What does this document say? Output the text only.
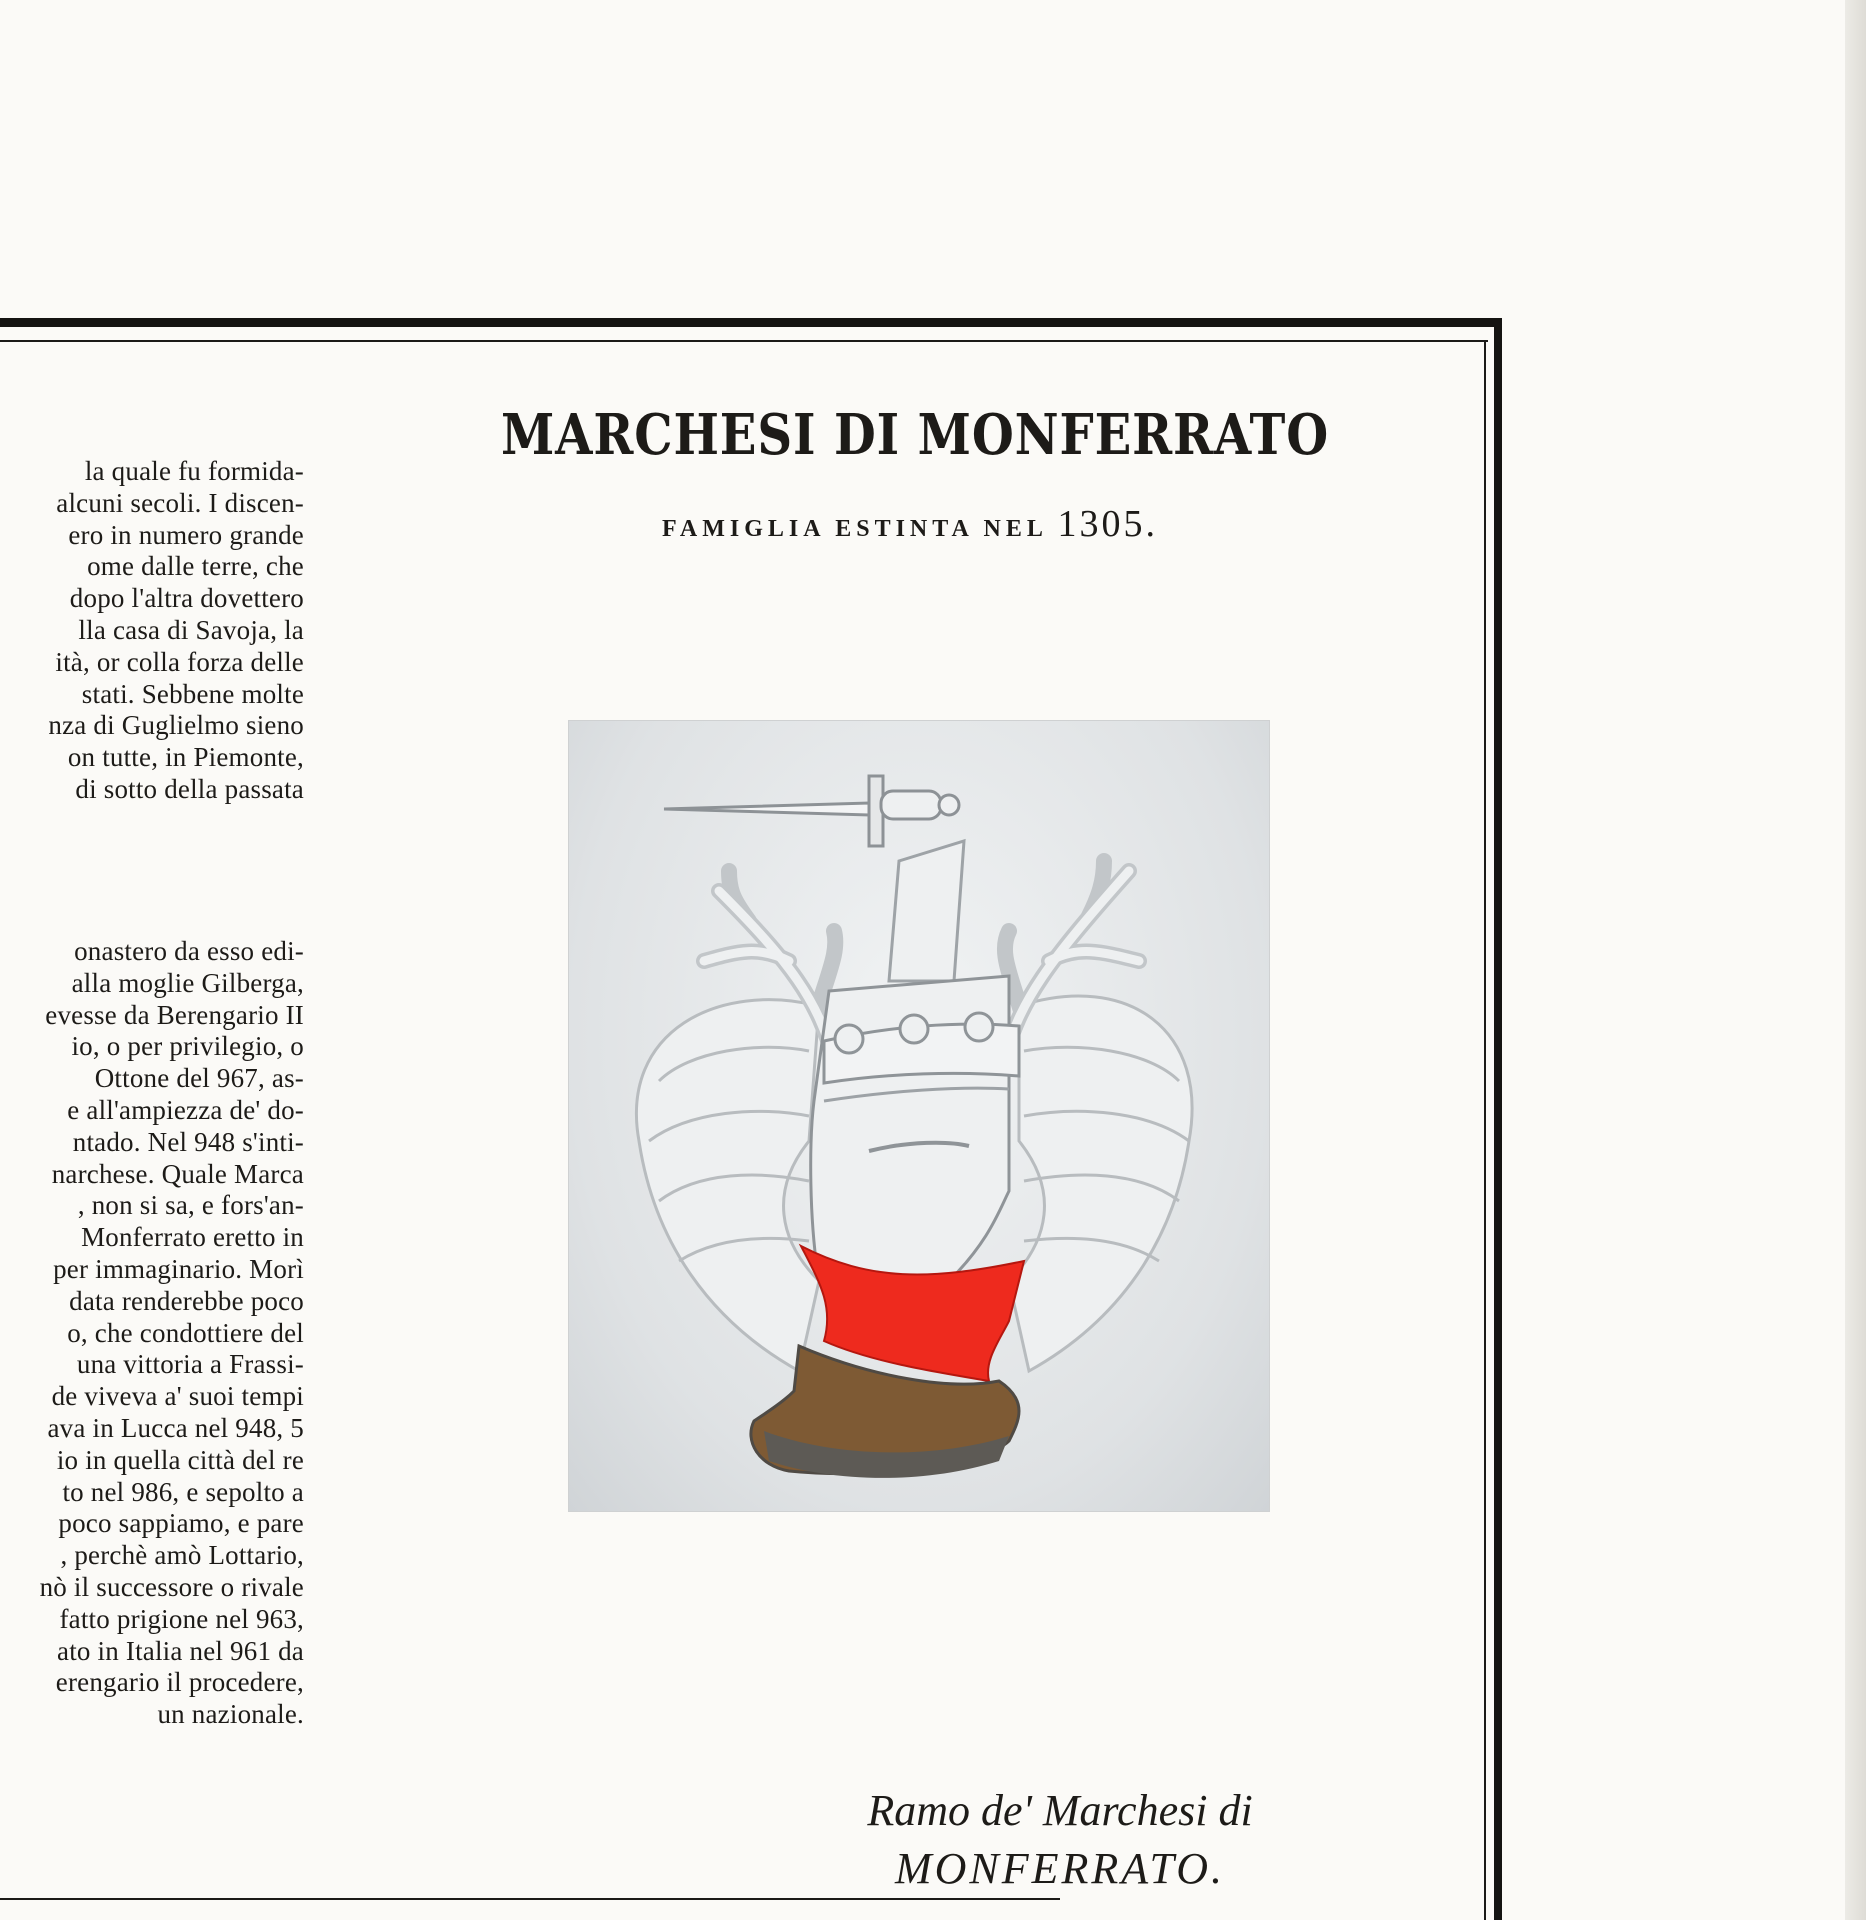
la quale fu formida-
alcuni secoli. I discen-
ero in numero grande
ome dalle terre, che
dopo l'altra dovettero
lla casa di Savoja, la
ità, or colla forza delle
stati. Sebbene molte
nza di Guglielmo sieno
on tutte, in Piemonte,
di sotto della passata
onastero da esso edi-
alla moglie Gilberga,
evesse da Berengario II
io, o per privilegio, o
Ottone del 967, as-
e all'ampiezza de' do-
ntado. Nel 948 s'inti-
narchese. Quale Marca
, non si sa, e fors'an-
Monferrato eretto in
per immaginario. Morì
data renderebbe poco
o, che condottiere del
una vittoria a Frassi-
de viveva a' suoi tempi
ava in Lucca nel 948, 5
io in quella città del re
to nel 986, e sepolto a
poco sappiamo, e pare
, perchè amò Lottario,
nò il successore o rivale
fatto prigione nel 963,
ato in Italia nel 961 da
erengario il procedere,
un nazionale.
MARCHESI DI MONFERRATO
FAMIGLIA ESTINTA NEL 1305.
Ramo de' Marchesi di
MONFERRATO.
